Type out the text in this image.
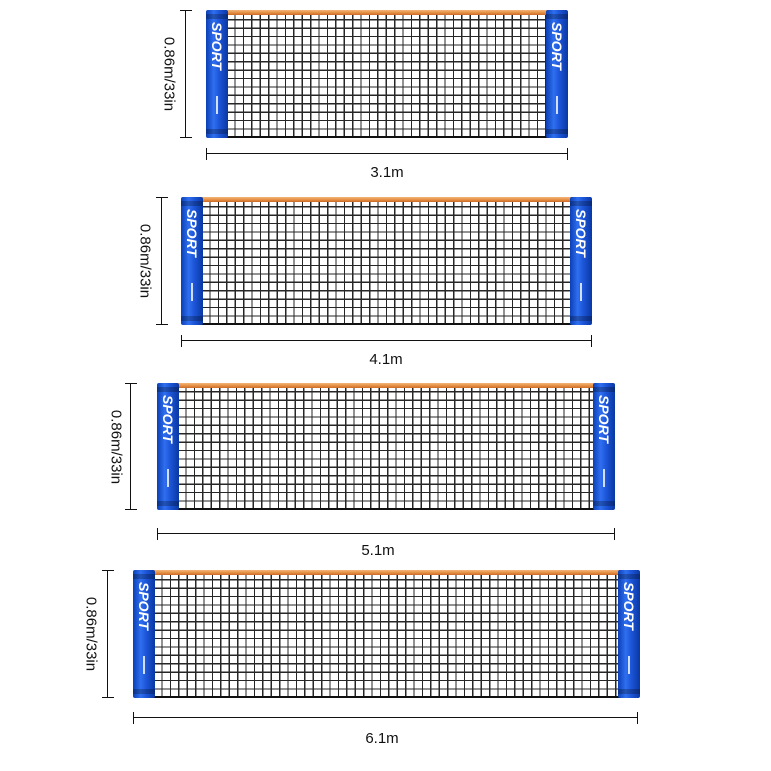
SPORT	SPORT
0.86m/33in
3.1m
SPORT	SPORT
0.86m/33in
4.1m
SPORT	SPORT
0.86m/33in
5.1m
SPORT	SPORT
0.86m/33in
6.1m
